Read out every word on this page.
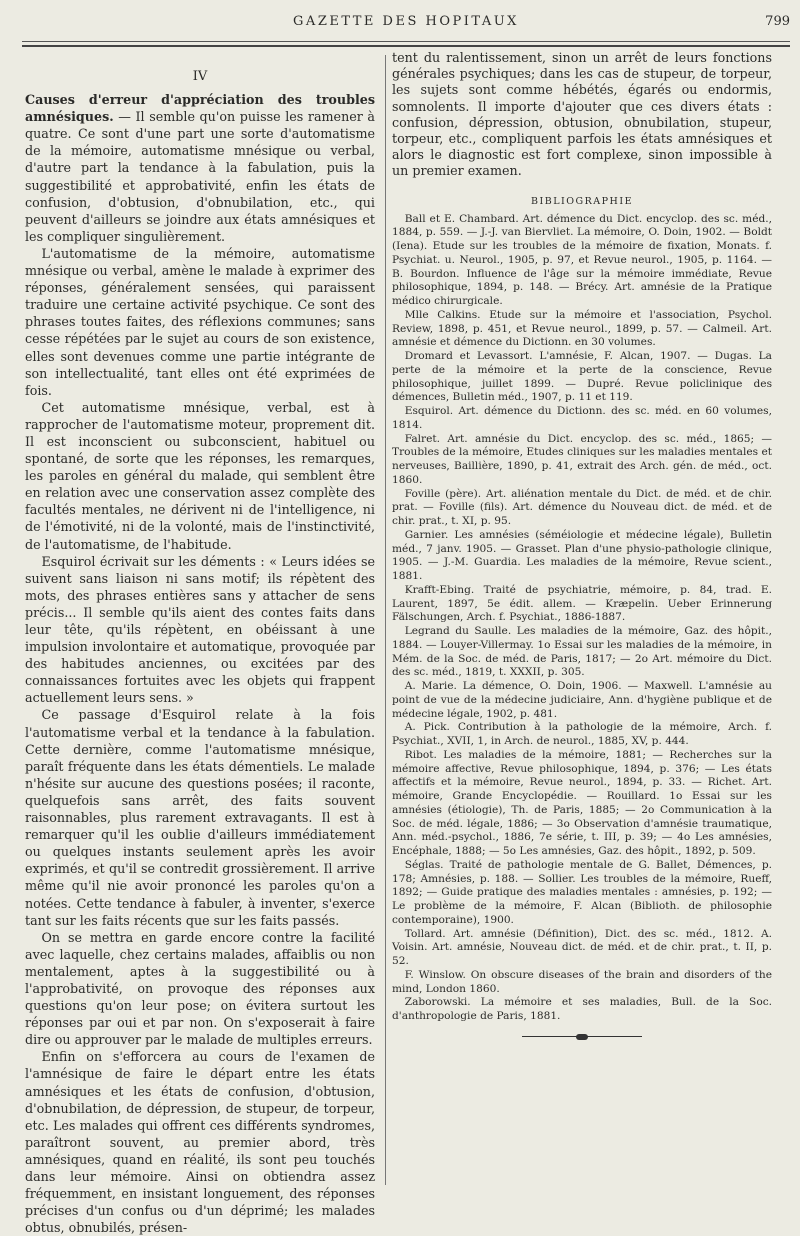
GAZETTE DES HOPITAUX	799
IV

Causes d'erreur d'appréciation des troubles amnésiques. — Il semble qu'on puisse les ramener à quatre. Ce sont d'une part une sorte d'automatisme de la mémoire, automatisme mnésique ou verbal, d'autre part la tendance à la fabulation, puis la suggestibilité et approbativité, enfin les états de confusion, d'obtusion, d'obnubilation, etc., qui peuvent d'ailleurs se joindre aux états amnésiques et les compliquer singulièrement.

L'automatisme de la mémoire, automatisme mnésique ou verbal, amène le malade à exprimer des réponses, généralement sensées, qui paraissent traduire une certaine activité psychique. Ce sont des phrases toutes faites, des réflexions communes; sans cesse répétées par le sujet au cours de son existence, elles sont devenues comme une partie intégrante de son intellectualité, tant elles ont été exprimées de fois.

Cet automatisme mnésique, verbal, est à rapprocher de l'automatisme moteur, proprement dit. Il est inconscient ou subconscient, habituel ou spontané, de sorte que les réponses, les remarques, les paroles en général du malade, qui semblent être en relation avec une conservation assez complète des facultés mentales, ne dérivent ni de l'intelligence, ni de l'émotivité, ni de la volonté, mais de l'instinctivité, de l'automatisme, de l'habitude.

Esquirol écrivait sur les déments : « Leurs idées se suivent sans liaison ni sans motif; ils répètent des mots, des phrases entières sans y attacher de sens précis... Il semble qu'ils aient des contes faits dans leur tête, qu'ils répètent, en obéissant à une impulsion involontaire et automatique, provoquée par des habitudes anciennes, ou excitées par des connaissances fortuites avec les objets qui frappent actuellement leurs sens. »

Ce passage d'Esquirol relate à la fois l'automatisme verbal et la tendance à la fabulation. Cette dernière, comme l'automatisme mnésique, paraît fréquente dans les états démentiels. Le malade n'hésite sur aucune des questions posées; il raconte, quelquefois sans arrêt, des faits souvent raisonnables, plus rarement extravagants. Il est à remarquer qu'il les oublie d'ailleurs immédiatement ou quelques instants seulement après les avoir exprimés, et qu'il se contredit grossièrement. Il arrive même qu'il nie avoir prononcé les paroles qu'on a notées. Cette tendance à fabuler, à inventer, s'exerce tant sur les faits récents que sur les faits passés.

On se mettra en garde encore contre la facilité avec laquelle, chez certains malades, affaiblis ou non mentalement, aptes à la suggestibilité ou à l'approbativité, on provoque des réponses aux questions qu'on leur pose; on évitera surtout les réponses par oui et par non. On s'exposerait à faire dire ou approuver par le malade de multiples erreurs.

Enfin on s'efforcera au cours de l'examen de l'amnésique de faire le départ entre les états amnésiques et les états de confusion, d'obtusion, d'obnubilation, de dépression, de stupeur, de torpeur, etc. Les malades qui offrent ces différents syndromes, paraîtront souvent, au premier abord, très amnésiques, quand en réalité, ils sont peu touchés dans leur mémoire. Ainsi on obtiendra assez fréquemment, en insistant longuement, des réponses précises d'un confus ou d'un déprimé; les malades obtus, obnubilés, présen-

tent du ralentissement, sinon un arrêt de leurs fonctions générales psychiques; dans les cas de stupeur, de torpeur, les sujets sont comme hébétés, égarés ou endormis, somnolents. Il importe d'ajouter que ces divers états : confusion, dépression, obtusion, obnubilation, stupeur, torpeur, etc., compliquent parfois les états amnésiques et alors le diagnostic est fort complexe, sinon impossible à un premier examen.

BIBLIOGRAPHIE

Ball et E. Chambard. Art. démence du Dict. encyclop. des sc. méd., 1884, p. 559. — J.-J. van Biervliet. La mémoire, O. Doin, 1902. — Boldt (Iena). Etude sur les troubles de la mémoire de fixation, Monats. f. Psychiat. u. Neurol., 1905, p. 97, et Revue neurol., 1905, p. 1164. — B. Bourdon. Influence de l'âge sur la mémoire immédiate, Revue philosophique, 1894, p. 148. — Brécy. Art. amnésie de la Pratique médico chirurgicale.

Mlle Calkins. Etude sur la mémoire et l'association, Psychol. Review, 1898, p. 451, et Revue neurol., 1899, p. 57. — Calmeil. Art. amnésie et démence du Dictionn. en 30 volumes.

Dromard et Levassort. L'amnésie, F. Alcan, 1907. — Dugas. La perte de la mémoire et la perte de la conscience, Revue philosophique, juillet 1899. — Dupré. Revue policlinique des démences, Bulletin méd., 1907, p. 11 et 119.

Esquirol. Art. démence du Dictionn. des sc. méd. en 60 volumes, 1814.

Falret. Art. amnésie du Dict. encyclop. des sc. méd., 1865; — Troubles de la mémoire, Etudes cliniques sur les maladies mentales et nerveuses, Baillière, 1890, p. 41, extrait des Arch. gén. de méd., oct. 1860.

Foville (père). Art. aliénation mentale du Dict. de méd. et de chir. prat. — Foville (fils). Art. démence du Nouveau dict. de méd. et de chir. prat., t. XI, p. 95.

Garnier. Les amnésies (séméiologie et médecine légale), Bulletin méd., 7 janv. 1905. — Grasset. Plan d'une physio-pathologie clinique, 1905. — J.-M. Guardia. Les maladies de la mémoire, Revue scient., 1881.

Krafft-Ebing. Traité de psychiatrie, mémoire, p. 84, trad. E. Laurent, 1897, 5e édit. allem. — Kræpelin. Ueber Erinnerung Fälschungen, Arch. f. Psychiat., 1886-1887.

Legrand du Saulle. Les maladies de la mémoire, Gaz. des hôpit., 1884. — Louyer-Villermay. 1o Essai sur les maladies de la mémoire, in Mém. de la Soc. de méd. de Paris, 1817; — 2o Art. mémoire du Dict. des sc. méd., 1819, t. XXXII, p. 305.

A. Marie. La démence, O. Doin, 1906. — Maxwell. L'amnésie au point de vue de la médecine judiciaire, Ann. d'hygiène publique et de médecine légale, 1902, p. 481.

A. Pick. Contribution à la pathologie de la mémoire, Arch. f. Psychiat., XVII, 1, in Arch. de neurol., 1885, XV, p. 444.

Ribot. Les maladies de la mémoire, 1881; — Recherches sur la mémoire affective, Revue philosophique, 1894, p. 376; — Les états affectifs et la mémoire, Revue neurol., 1894, p. 33. — Richet. Art. mémoire, Grande Encyclopédie. — Rouillard. 1o Essai sur les amnésies (étiologie), Th. de Paris, 1885; — 2o Communication à la Soc. de méd. légale, 1886; — 3o Observation d'amnésie traumatique, Ann. méd.-psychol., 1886, 7e série, t. III, p. 39; — 4o Les amnésies, Encéphale, 1888; — 5o Les amnésies, Gaz. des hôpit., 1892, p. 509.

Séglas. Traité de pathologie mentale de G. Ballet, Démences, p. 178; Amnésies, p. 188. — Sollier. Les troubles de la mémoire, Rueff, 1892; — Guide pratique des maladies mentales : amnésies, p. 192; — Le problème de la mémoire, F. Alcan (Biblioth. de philosophie contemporaine), 1900.

Tollard. Art. amnésie (Définition), Dict. des sc. méd., 1812. A. Voisin. Art. amnésie, Nouveau dict. de méd. et de chir. prat., t. II, p. 52.

F. Winslow. On obscure diseases of the brain and disorders of the mind, London 1860.

Zaborowski. La mémoire et ses maladies, Bull. de la Soc. d'anthropologie de Paris, 1881.
